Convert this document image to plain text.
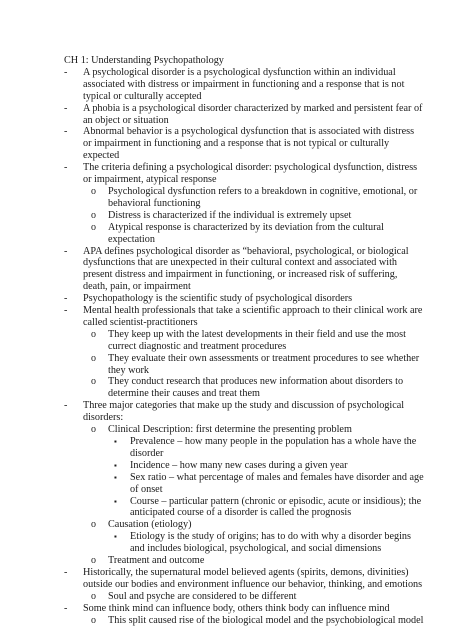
CH 1: Understanding Psychopathology
-	A psychological disorder is a psychological dysfunction within an individual associated with distress or impairment in functioning and a response that is not typical or culturally accepted
-	A phobia is a psychological disorder characterized by marked and persistent fear of an object or situation
-	Abnormal behavior is a psychological dysfunction that is associated with distress or impairment in functioning and a response that is not typical or culturally expected
-	The criteria defining a psychological disorder: psychological dysfunction, distress or impairment, atypical response
o	Psychological dysfunction refers to a breakdown in cognitive, emotional, or behavioral functioning
o	Distress is characterized if the individual is extremely upset
o	Atypical response is characterized by its deviation from the cultural expectation
-	APA defines psychological disorder as “behavioral, psychological, or biological dysfunctions that are unexpected in their cultural context and associated with present distress and impairment in functioning, or increased risk of suffering, death, pain, or impairment
-	Psychopathology is the scientific study of psychological disorders
-	Mental health professionals that take a scientific approach to their clinical work are called scientist-practitioners
o	They keep up with the latest developments in their field and use the most currect diagnostic and treatment procedures
o	They evaluate their own assessments or treatment procedures to see whether they work
o	They conduct research that produces new information about disorders to determine their causes and treat them
-	Three major categories that make up the study and discussion of psychological disorders:
o	Clinical Description: first determine the presenting problem
▪	Prevalence – how many people in the population has a whole have the disorder
▪	Incidence – how many new cases during a given year
▪	Sex ratio – what percentage of males and females have disorder and age of onset
▪	Course – particular pattern (chronic or episodic, acute or insidious); the anticipated course of a disorder is called the prognosis
o	Causation (etiology)
▪	Etiology is the study of origins; has to do with why a disorder begins and includes biological, psychological, and social dimensions
o	Treatment and outcome
-	Historically, the supernatural model believed agents (spirits, demons, divinities) outside our bodies and environment influence our behavior, thinking, and emotions
o	Soul and psyche are considered to be different
-	Some think mind can influence body, others think body can influence mind
o	This split caused rise of the biological model and the psychobiological model
